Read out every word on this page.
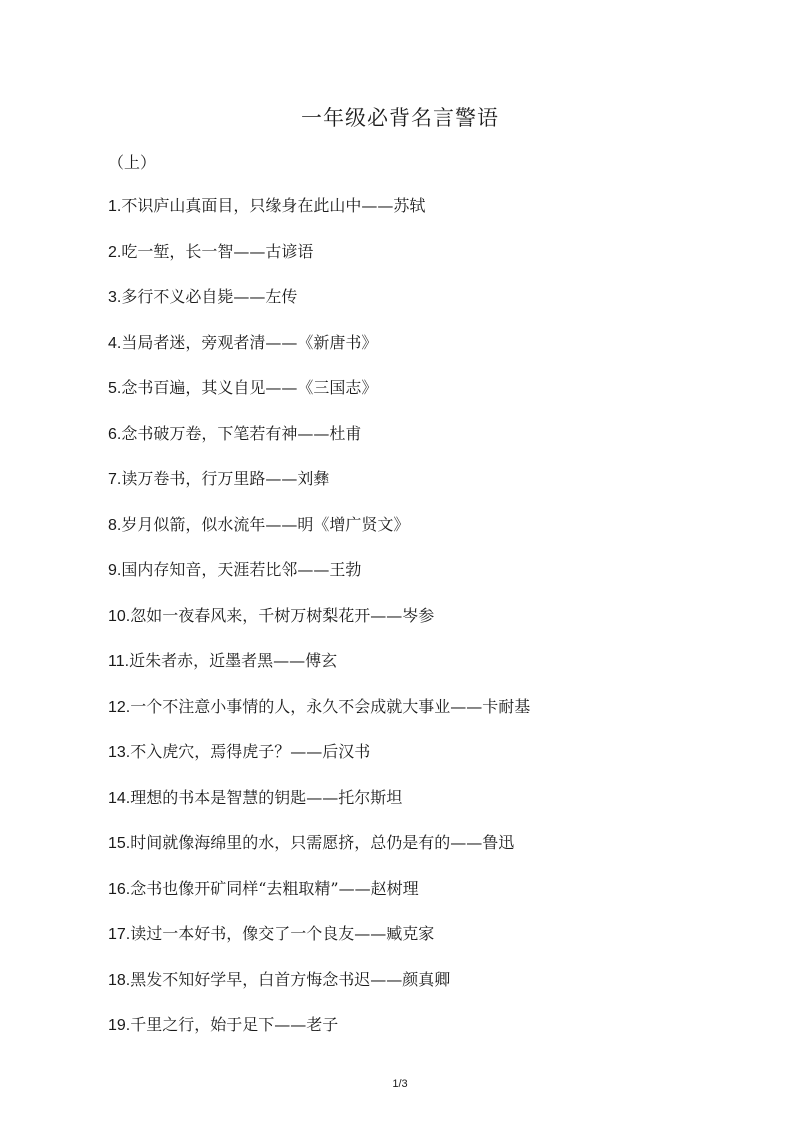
一年级必背名言警语
（上）
1.不识庐山真面目，只缘身在此山中——苏轼
2.吃一堑，长一智——古谚语
3.多行不义必自毙——左传
4.当局者迷，旁观者清——《新唐书》
5.念书百遍，其义自见——《三国志》
6.念书破万卷，下笔若有神——杜甫
7.读万卷书，行万里路——刘彝
8.岁月似箭，似水流年——明《增广贤文》
9.国内存知音，天涯若比邻——王勃
10.忽如一夜春风来，千树万树梨花开——岑参
11.近朱者赤，近墨者黑——傅玄
12.一个不注意小事情的人，永久不会成就大事业——卡耐基
13.不入虎穴，焉得虎子？——后汉书
14.理想的书本是智慧的钥匙——托尔斯坦
15.时间就像海绵里的水，只需愿挤，总仍是有的——鲁迅
16.念书也像开矿同样“去粗取精”——赵树理
17.读过一本好书，像交了一个良友——臧克家
18.黑发不知好学早，白首方悔念书迟——颜真卿
19.千里之行，始于足下——老子
1/3
